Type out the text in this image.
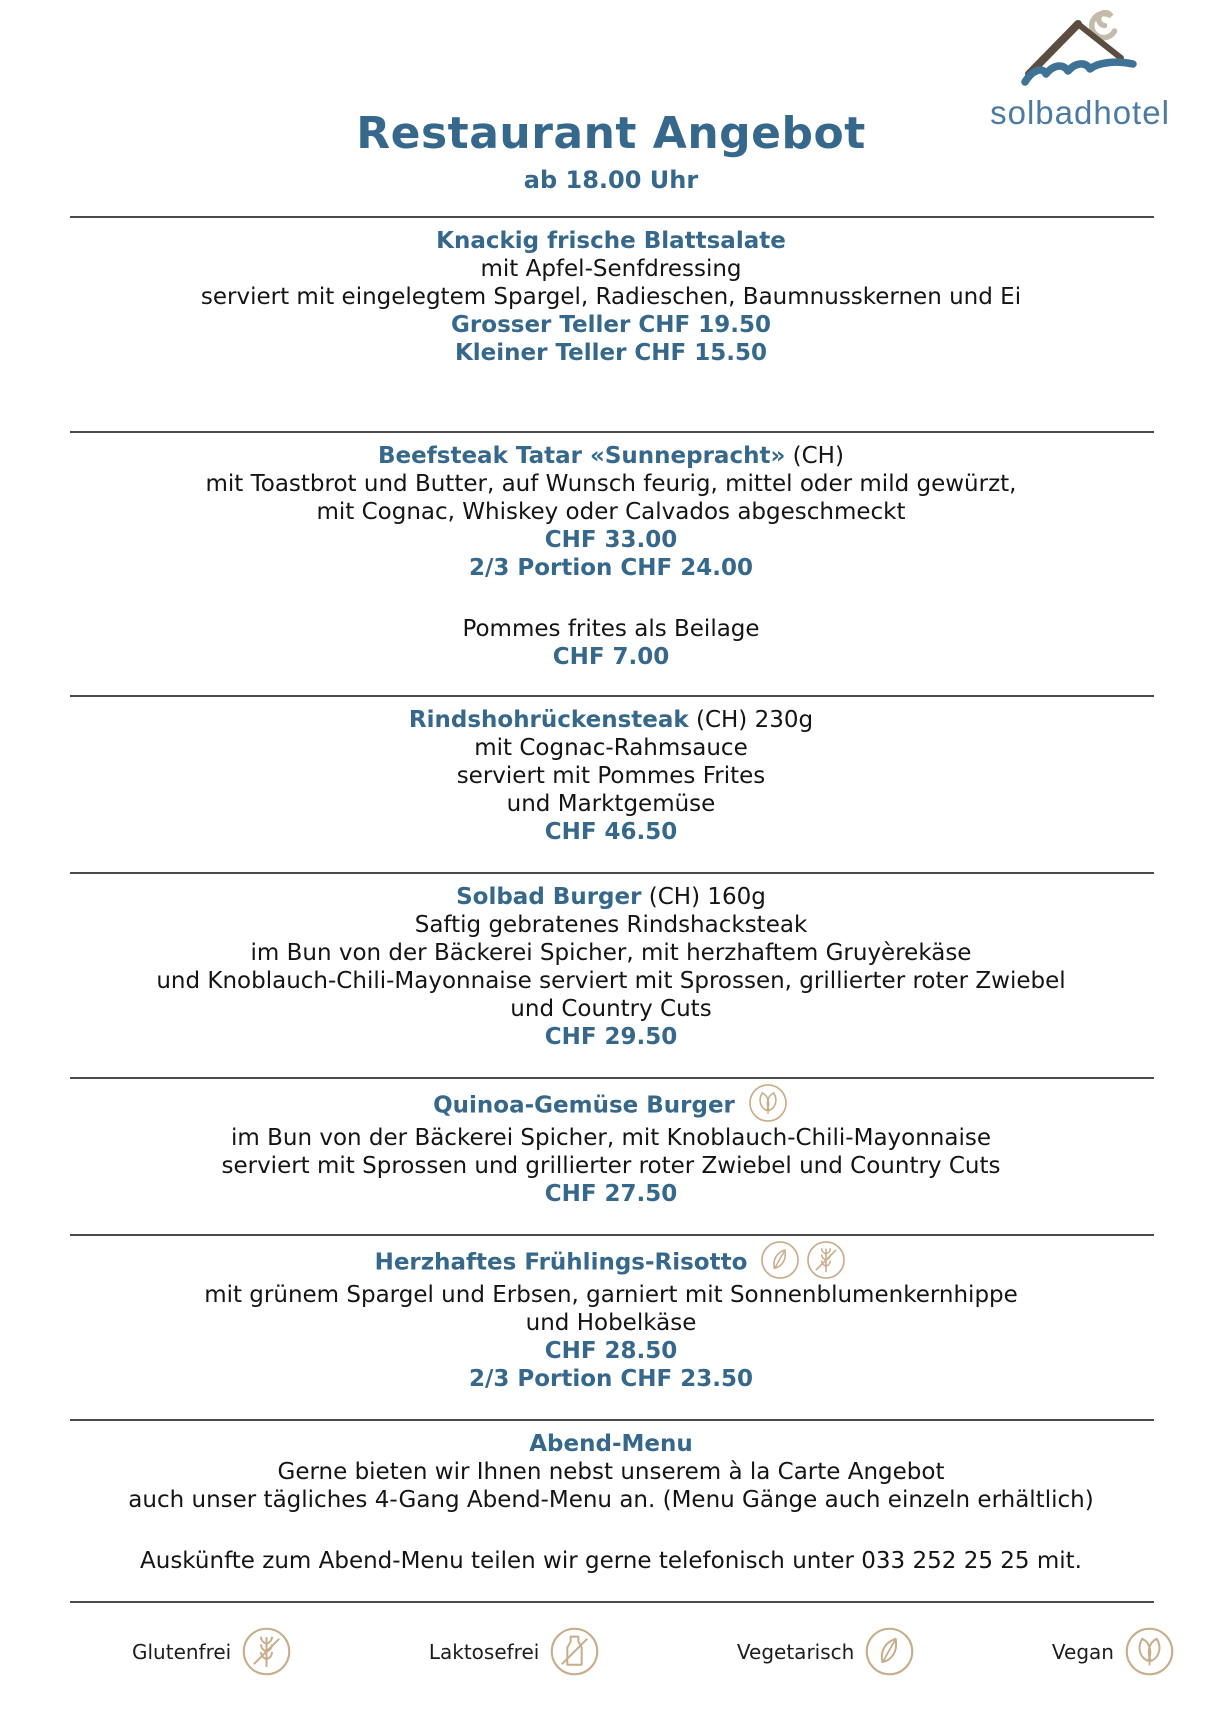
solbadhotel
Restaurant Angebot
ab 18.00 Uhr

Knackig frische Blattsalate

mit Apfel-Senfdressing

serviert mit eingelegtem Spargel, Radieschen, Baumnusskernen und Ei

Grosser Teller CHF 19.50

Kleiner Teller CHF 15.50

Beefsteak Tatar «Sunnepracht» (CH)

mit Toastbrot und Butter, auf Wunsch feurig, mittel oder mild gewürzt,

mit Cognac, Whiskey oder Calvados abgeschmeckt

CHF 33.00

2/3 Portion CHF 24.00

Pommes frites als Beilage

CHF 7.00

Rindshohrückensteak (CH) 230g

mit Cognac-Rahmsauce

serviert mit Pommes Frites

und Marktgemüse

CHF 46.50

Solbad Burger (CH) 160g

Saftig gebratenes Rindshacksteak

im Bun von der Bäckerei Spicher, mit herzhaftem Gruyèrekäse

und Knoblauch-Chili-Mayonnaise serviert mit Sprossen, grillierter roter Zwiebel

und Country Cuts

CHF 29.50

Quinoa-Gemüse Burger

im Bun von der Bäckerei Spicher, mit Knoblauch-Chili-Mayonnaise

serviert mit Sprossen und grillierter roter Zwiebel und Country Cuts

CHF 27.50

Herzhaftes Frühlings-Risotto

mit grünem Spargel und Erbsen, garniert mit Sonnenblumenkernhippe

und Hobelkäse

CHF 28.50

2/3 Portion CHF 23.50

Abend-Menu

Gerne bieten wir Ihnen nebst unserem à la Carte Angebot

auch unser tägliches 4-Gang Abend-Menu an. (Menu Gänge auch einzeln erhältlich)

Auskünfte zum Abend-Menu teilen wir gerne telefonisch unter 033 252 25 25 mit.

Glutenfrei	Laktosefrei	Vegetarisch	Vegan
